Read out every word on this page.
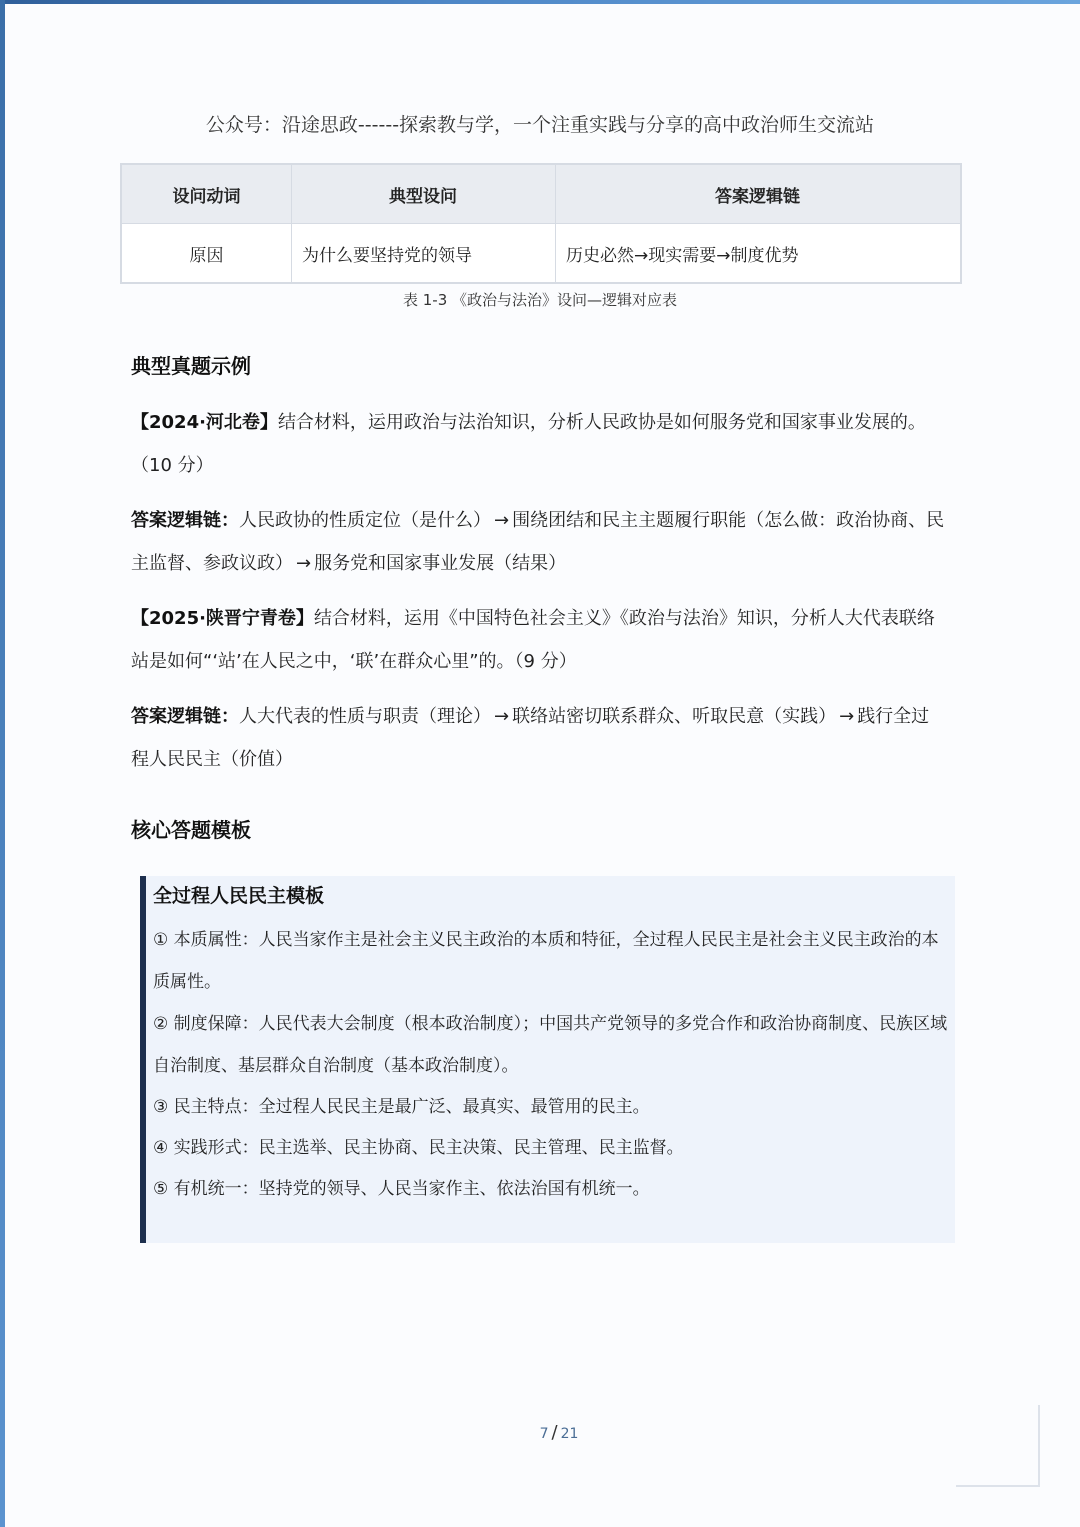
公众号：沿途思政------探索教与学，一个注重实践与分享的高中政治师生交流站
设问动词	典型设问	答案逻辑链
原因	为什么要坚持党的领导	历史必然→现实需要→制度优势
表 1-3 《政治与法治》设问—逻辑对应表
典型真题示例

【2024·河北卷】结合材料，运用政治与法治知识，分析人民政协是如何服务党和国家事业发展的。（10 分）

答案逻辑链：人民政协的性质定位（是什么） → 围绕团结和民主主题履行职能（怎么做：政治协商、民主监督、参政议政） → 服务党和国家事业发展（结果）

【2025·陕晋宁青卷】结合材料，运用《中国特色社会主义》《政治与法治》知识，分析人大代表联络站是如何“‘站’在人民之中，‘联’在群众心里”的。（9 分）

答案逻辑链：人大代表的性质与职责（理论） → 联络站密切联系群众、听取民意（实践） → 践行全过程人民民主（价值）

核心答题模板
全过程人民民主模板
① 本质属性：人民当家作主是社会主义民主政治的本质和特征，全过程人民民主是社会主义民主政治的本质属性。
② 制度保障：人民代表大会制度（根本政治制度）；中国共产党领导的多党合作和政治协商制度、民族区域自治制度、基层群众自治制度（基本政治制度）。
③ 民主特点：全过程人民民主是最广泛、最真实、最管用的民主。
④ 实践形式：民主选举、民主协商、民主决策、民主管理、民主监督。
⑤ 有机统一：坚持党的领导、人民当家作主、依法治国有机统一。
7 / 21
